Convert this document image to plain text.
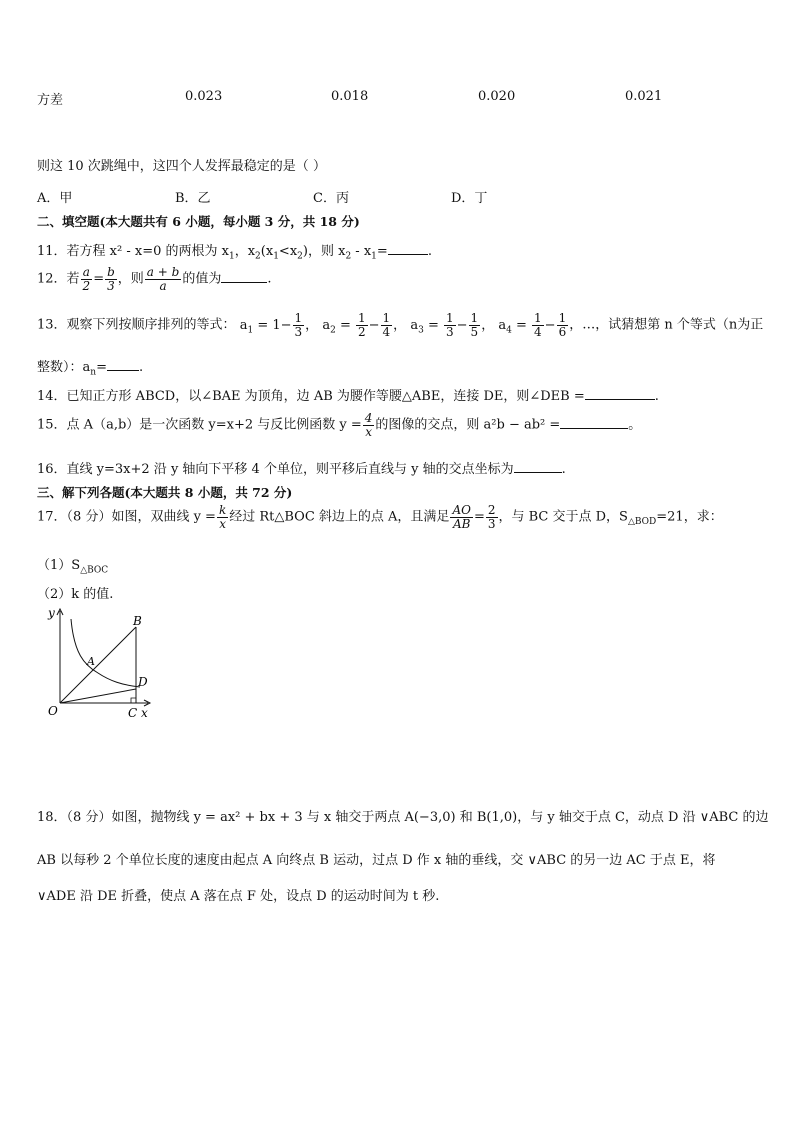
方差	0.023	0.018	0.020	0.021
则这 10 次跳绳中，这四个人发挥最稳定的是（ ）
A．甲	B．乙	C．丙	D．丁
二、填空题(本大题共有 6 小题，每小题 3 分，共 18 分)
11．若方程 x² - x=0 的两根为 $x_1$，$x_2(x_1<x_2)$，则 $x_2 - x_1=$	.
12．若 $\frac{a}{2} = \frac{b}{3}$ ，则 $\frac{a + b}{a}$ 的值为	.
13．观察下列按顺序排列的等式： $a_1 = 1- \frac{1}{3}$ ， $a_2 = \frac{1}{2} - \frac{1}{4}$ ， $a_3 = \frac{1}{3} - \frac{1}{5}$ ， $a_4 = \frac{1}{4} - \frac{1}{6}$ ，…，试猜想第 n 个等式（n为正
整数）：$a_n=$ .
14．已知正方形 ABCD，以∠BAE 为顶角，边 AB 为腰作等腰△ABE，连接 DE，则∠DEB =	.
15．点 A（a,b）是一次函数 y=x+2 与反比例函数 $y = \frac{4}{x}$ 的图像的交点，则 a²b − ab² =	。
16．直线 y=3x+2 沿 y 轴向下平移 4 个单位，则平移后直线与 y 轴的交点坐标为	.
三、解下列各题(本大题共 8 小题，共 72 分)
17．（8 分）如图，双曲线 $y = \frac{k}{x}$ 经过 Rt△BOC 斜边上的点 A，且满足 $\frac{AO}{AB} = \frac{2}{3}$ ，与 BC 交于点 D，$S_{\triangle BOD}=21$，求：
$(1)S_{\triangle BOC}$
（2）k 的值.
y
B
A
D
O	C x
18．（8 分）如图，抛物线 y = ax² + bx + 3 与 x 轴交于两点 A(−3,0) 和 B(1,0)，与 y 轴交于点 C，动点 D 沿 ∨ABC 的边
AB 以每秒 2 个单位长度的速度由起点 A 向终点 B 运动，过点 D 作 x 轴的垂线，交 ∨ABC 的另一边 AC 于点 E，将
∨ADE 沿 DE 折叠，使点 A 落在点 F 处，设点 D 的运动时间为 t 秒.
